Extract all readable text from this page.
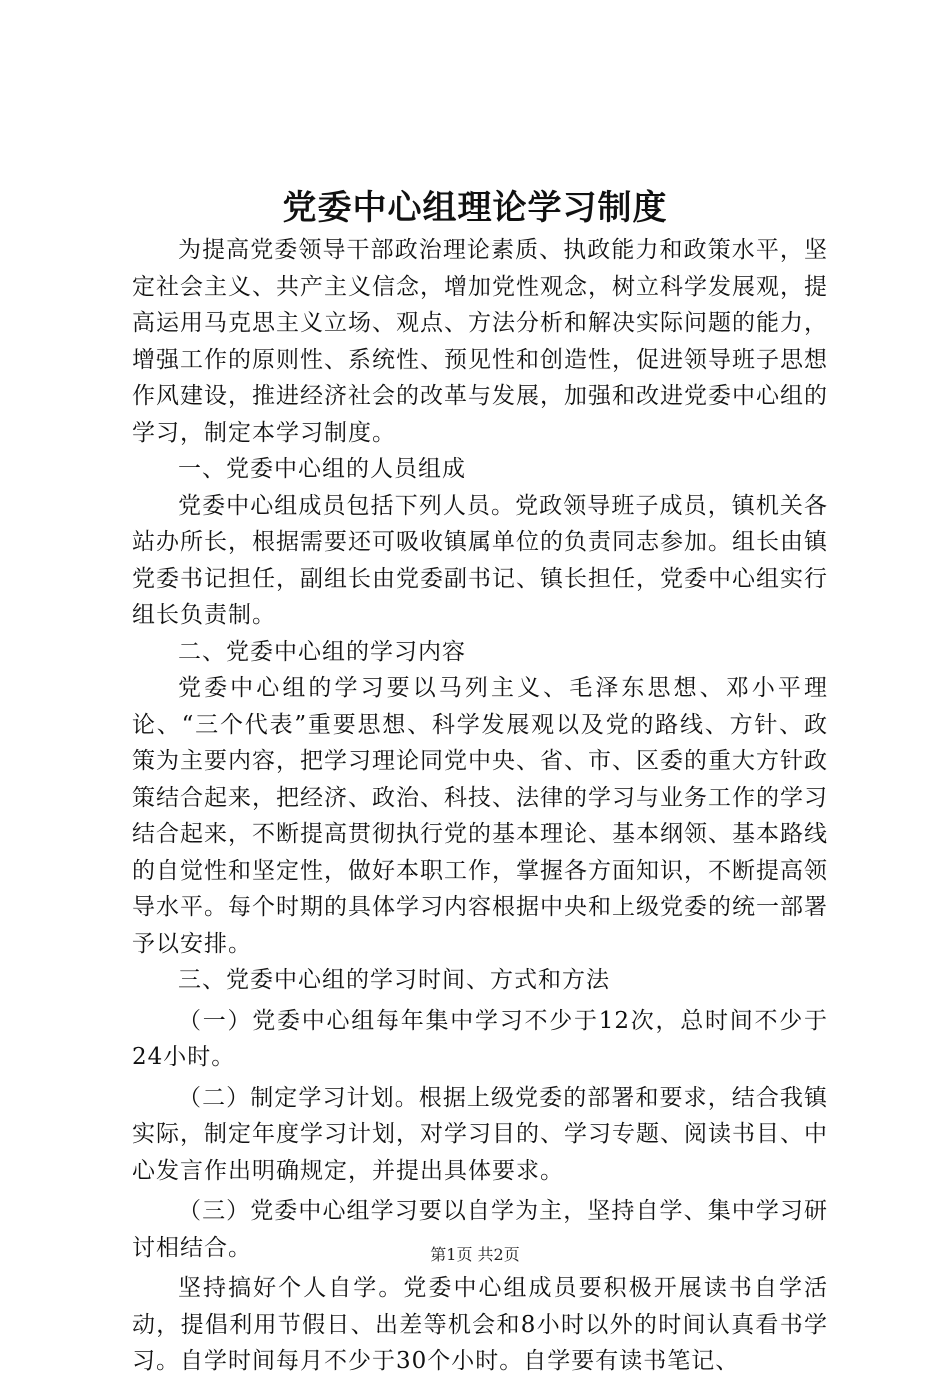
党委中心组理论学习制度

为提高党委领导干部政治理论素质、执政能力和政策水平，坚定社会主义、共产主义信念，增加党性观念，树立科学发展观，提高运用马克思主义立场、观点、方法分析和解决实际问题的能力，增强工作的原则性、系统性、预见性和创造性，促进领导班子思想作风建设，推进经济社会的改革与发展，加强和改进党委中心组的学习，制定本学习制度。

一、党委中心组的人员组成

党委中心组成员包括下列人员。党政领导班子成员，镇机关各站办所长，根据需要还可吸收镇属单位的负责同志参加。组长由镇党委书记担任，副组长由党委副书记、镇长担任，党委中心组实行组长负责制。

二、党委中心组的学习内容

党委中心组的学习要以马列主义、毛泽东思想、邓小平理论、“三个代表”重要思想、科学发展观以及党的路线、方针、政策为主要内容，把学习理论同党中央、省、市、区委的重大方针政策结合起来，把经济、政治、科技、法律的学习与业务工作的学习结合起来，不断提高贯彻执行党的基本理论、基本纲领、基本路线的自觉性和坚定性，做好本职工作，掌握各方面知识，不断提高领导水平。每个时期的具体学习内容根据中央和上级党委的统一部署予以安排。

三、党委中心组的学习时间、方式和方法

（一）党委中心组每年集中学习不少于12次，总时间不少于24小时。

（二）制定学习计划。根据上级党委的部署和要求，结合我镇实际，制定年度学习计划，对学习目的、学习专题、阅读书目、中心发言作出明确规定，并提出具体要求。

（三）党委中心组学习要以自学为主，坚持自学、集中学习研讨相结合。

坚持搞好个人自学。党委中心组成员要积极开展读书自学活动，提倡利用节假日、出差等机会和8小时以外的时间认真看书学习。自学时间每月不少于30个小时。自学要有读书笔记、

第1页 共2页
